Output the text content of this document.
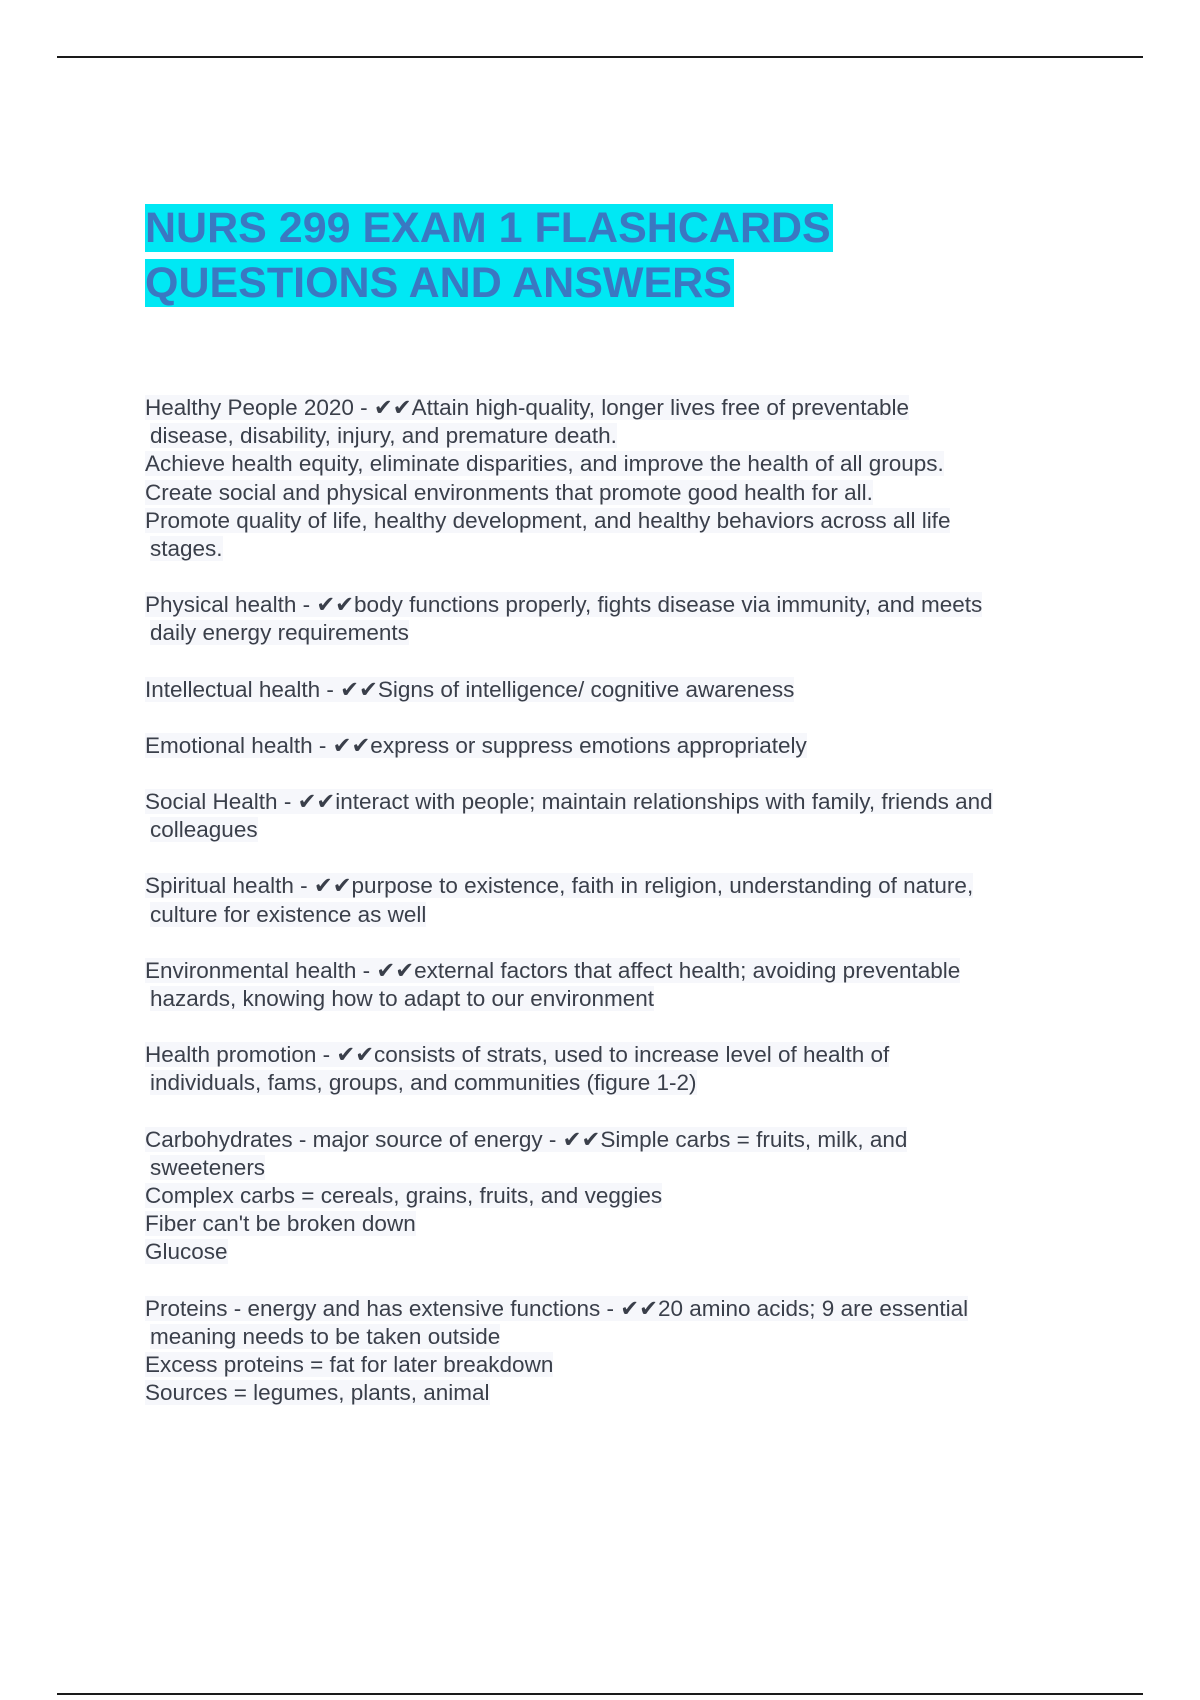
NURS 299 EXAM 1 FLASHCARDS
QUESTIONS AND ANSWERS
Healthy People 2020 - ✔✔Attain high-quality, longer lives free of preventable
disease, disability, injury, and premature death.
Achieve health equity, eliminate disparities, and improve the health of all groups.
Create social and physical environments that promote good health for all.
Promote quality of life, healthy development, and healthy behaviors across all life
stages.
Physical health - ✔✔body functions properly, fights disease via immunity, and meets
daily energy requirements
Intellectual health - ✔✔Signs of intelligence/ cognitive awareness
Emotional health - ✔✔express or suppress emotions appropriately
Social Health - ✔✔interact with people; maintain relationships with family, friends and
colleagues
Spiritual health - ✔✔purpose to existence, faith in religion, understanding of nature,
culture for existence as well
Environmental health - ✔✔external factors that affect health; avoiding preventable
hazards, knowing how to adapt to our environment
Health promotion - ✔✔consists of strats, used to increase level of health of
individuals, fams, groups, and communities (figure 1-2)
Carbohydrates - major source of energy - ✔✔Simple carbs = fruits, milk, and
sweeteners
Complex carbs = cereals, grains, fruits, and veggies
Fiber can't be broken down
Glucose
Proteins - energy and has extensive functions - ✔✔20 amino acids; 9 are essential
meaning needs to be taken outside
Excess proteins = fat for later breakdown
Sources = legumes, plants, animal
